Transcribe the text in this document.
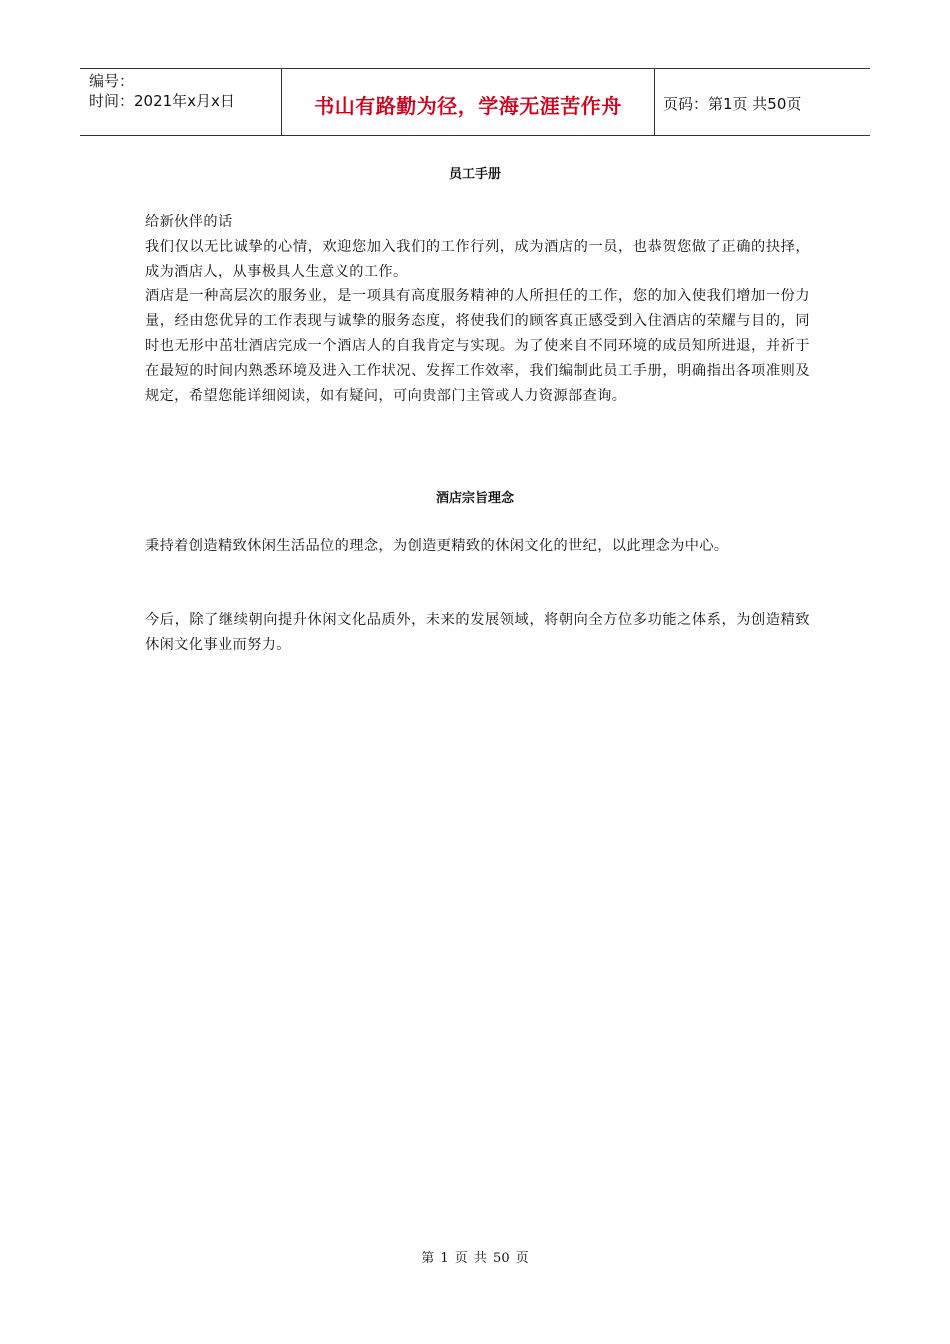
编号：
时间：2021年x月x日	书山有路勤为径，学海无涯苦作舟	页码：第1页 共50页
员工手册

给新伙伴的话

我们仅以无比诚挚的心情，欢迎您加入我们的工作行列，成为酒店的一员，也恭贺您做了正确的抉择，成为酒店人，从事极具人生意义的工作。

酒店是一种高层次的服务业，是一项具有高度服务精神的人所担任的工作，您的加入使我们增加一份力量，经由您优异的工作表现与诚挚的服务态度，将使我们的顾客真正感受到入住酒店的荣耀与目的，同时也无形中茁壮酒店完成一个酒店人的自我肯定与实现。为了使来自不同环境的成员知所进退，并祈于在最短的时间内熟悉环境及进入工作状况、发挥工作效率，我们编制此员工手册，明确指出各项准则及规定，希望您能详细阅读，如有疑问，可向贵部门主管或人力资源部查询。

酒店宗旨理念

秉持着创造精致休闲生活品位的理念，为创造更精致的休闲文化的世纪，以此理念为中心。

今后，除了继续朝向提升休闲文化品质外，未来的发展领域，将朝向全方位多功能之体系，为创造精致休闲文化事业而努力。

第 1 页 共 50 页
